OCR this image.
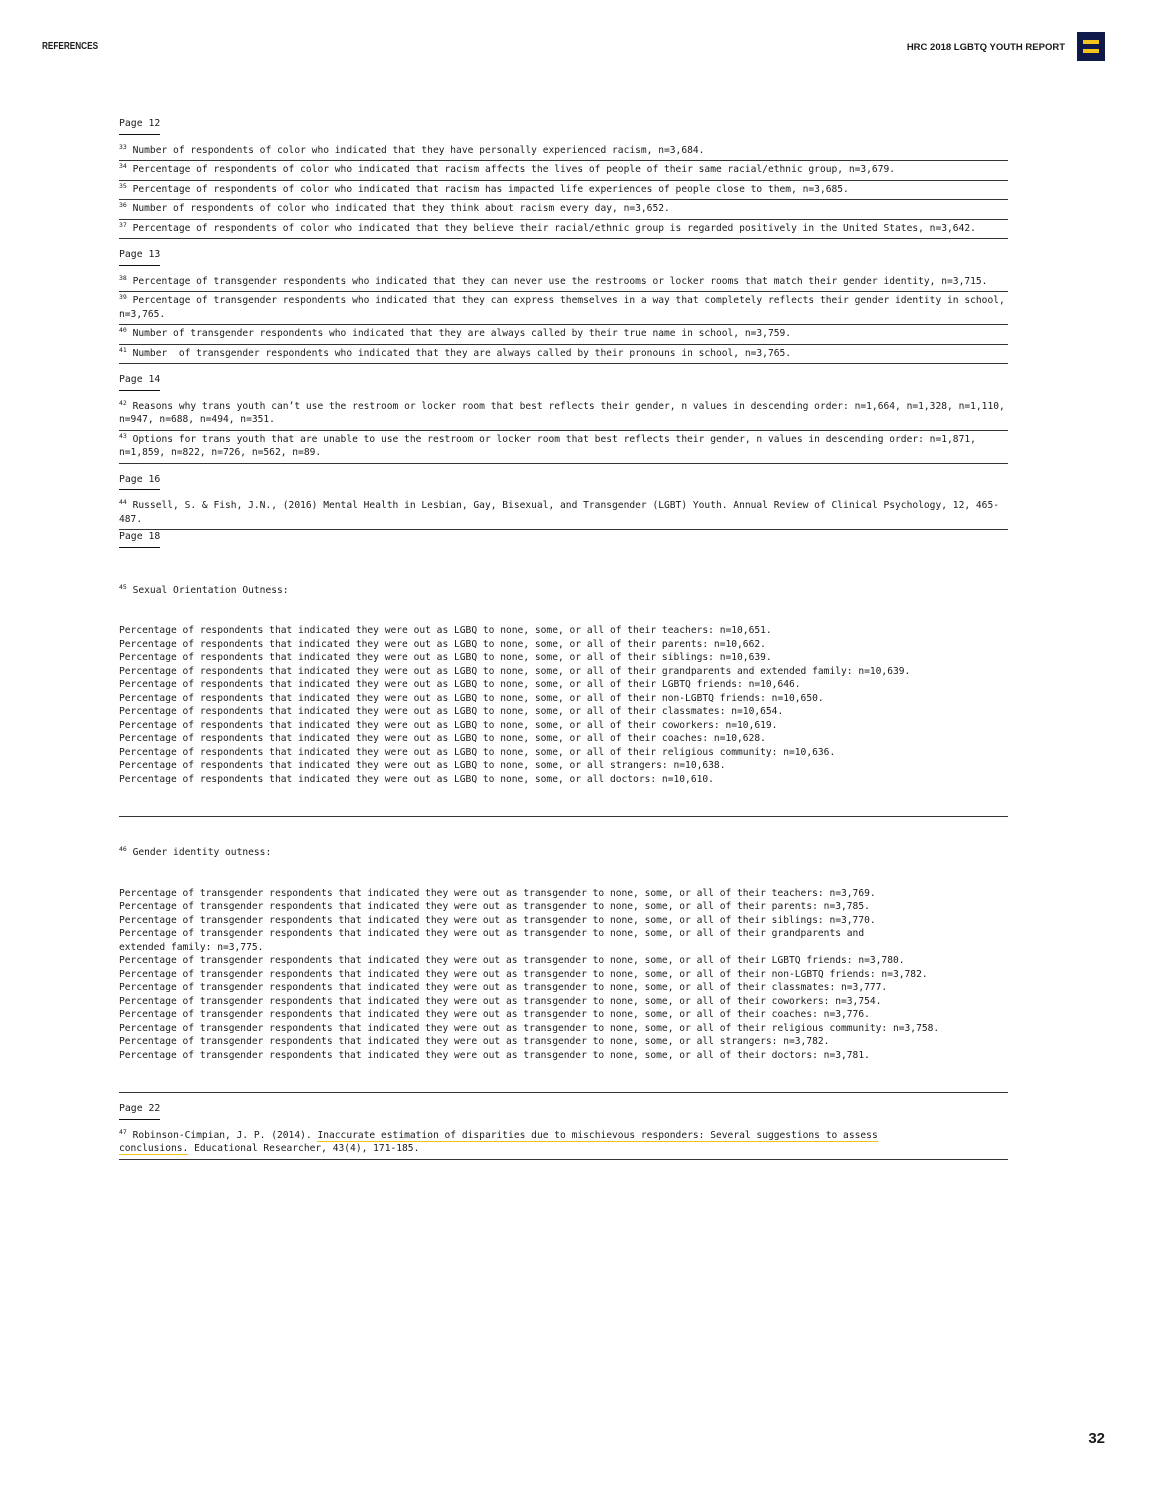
REFERENCES	HRC 2018 LGBTQ YOUTH REPORT
Page 12
$^{33}$ Number of respondents of color who indicated that they have personally experienced racism, n=3,684.
$^{34}$ Percentage of respondents of color who indicated that racism affects the lives of people of their same racial/ethnic group, n=3,679.
$^{35}$ Percentage of respondents of color who indicated that racism has impacted life experiences of people close to them, n=3,685.
$^{36}$ Number of respondents of color who indicated that they think about racism every day, n=3,652.
$^{37}$ Percentage of respondents of color who indicated that they believe their racial/ethnic group is regarded positively in the United States, n=3,642.
Page 13
$^{38}$ Percentage of transgender respondents who indicated that they can never use the restrooms or locker rooms that match their gender identity, n=3,715.
$^{39}$ Percentage of transgender respondents who indicated that they can express themselves in a way that completely reflects their gender identity in school, n=3,765.
$^{40}$ Number of transgender respondents who indicated that they are always called by their true name in school, n=3,759.
$^{41}$ Number  of transgender respondents who indicated that they are always called by their pronouns in school, n=3,765.
Page 14
$^{42}$ Reasons why trans youth can’t use the restroom or locker room that best reflects their gender, n values in descending order: n=1,664, n=1,328, n=1,110, n=947, n=688, n=494, n=351.
$^{43}$ Options for trans youth that are unable to use the restroom or locker room that best reflects their gender, n values in descending order: n=1,871, n=1,859, n=822, n=726, n=562, n=89.
Page 16
$^{44}$ Russell, S. & Fish, J.N., (2016) Mental Health in Lesbian, Gay, Bisexual, and Transgender (LGBT) Youth. Annual Review of Clinical Psychology, 12, 465-487.
Page 18

$^{45}$ Sexual Orientation Outness:

Percentage of respondents that indicated they were out as LGBQ to none, some, or all of their teachers: n=10,651.
Percentage of respondents that indicated they were out as LGBQ to none, some, or all of their parents: n=10,662.
Percentage of respondents that indicated they were out as LGBQ to none, some, or all of their siblings: n=10,639.
Percentage of respondents that indicated they were out as LGBQ to none, some, or all of their grandparents and extended family: n=10,639.
Percentage of respondents that indicated they were out as LGBQ to none, some, or all of their LGBTQ friends: n=10,646.
Percentage of respondents that indicated they were out as LGBQ to none, some, or all of their non-LGBTQ friends: n=10,650.
Percentage of respondents that indicated they were out as LGBQ to none, some, or all of their classmates: n=10,654.
Percentage of respondents that indicated they were out as LGBQ to none, some, or all of their coworkers: n=10,619.
Percentage of respondents that indicated they were out as LGBQ to none, some, or all of their coaches: n=10,628.
Percentage of respondents that indicated they were out as LGBQ to none, some, or all of their religious community: n=10,636.
Percentage of respondents that indicated they were out as LGBQ to none, some, or all strangers: n=10,638.
Percentage of respondents that indicated they were out as LGBQ to none, some, or all doctors: n=10,610.

$^{46}$ Gender identity outness:

Percentage of transgender respondents that indicated they were out as transgender to none, some, or all of their teachers: n=3,769.
Percentage of transgender respondents that indicated they were out as transgender to none, some, or all of their parents: n=3,785.
Percentage of transgender respondents that indicated they were out as transgender to none, some, or all of their siblings: n=3,770.
Percentage of transgender respondents that indicated they were out as transgender to none, some, or all of their grandparents and
extended family: n=3,775.
Percentage of transgender respondents that indicated they were out as transgender to none, some, or all of their LGBTQ friends: n=3,780.
Percentage of transgender respondents that indicated they were out as transgender to none, some, or all of their non-LGBTQ friends: n=3,782.
Percentage of transgender respondents that indicated they were out as transgender to none, some, or all of their classmates: n=3,777.
Percentage of transgender respondents that indicated they were out as transgender to none, some, or all of their coworkers: n=3,754.
Percentage of transgender respondents that indicated they were out as transgender to none, some, or all of their coaches: n=3,776.
Percentage of transgender respondents that indicated they were out as transgender to none, some, or all of their religious community: n=3,758.
Percentage of transgender respondents that indicated they were out as transgender to none, some, or all strangers: n=3,782.
Percentage of transgender respondents that indicated they were out as transgender to none, some, or all of their doctors: n=3,781.

Page 22
$^{47}$ Robinson-Cimpian, J. P. (2014). Inaccurate estimation of disparities due to mischievous responders: Several suggestions to assess
conclusions. Educational Researcher, 43(4), 171-185.
32
